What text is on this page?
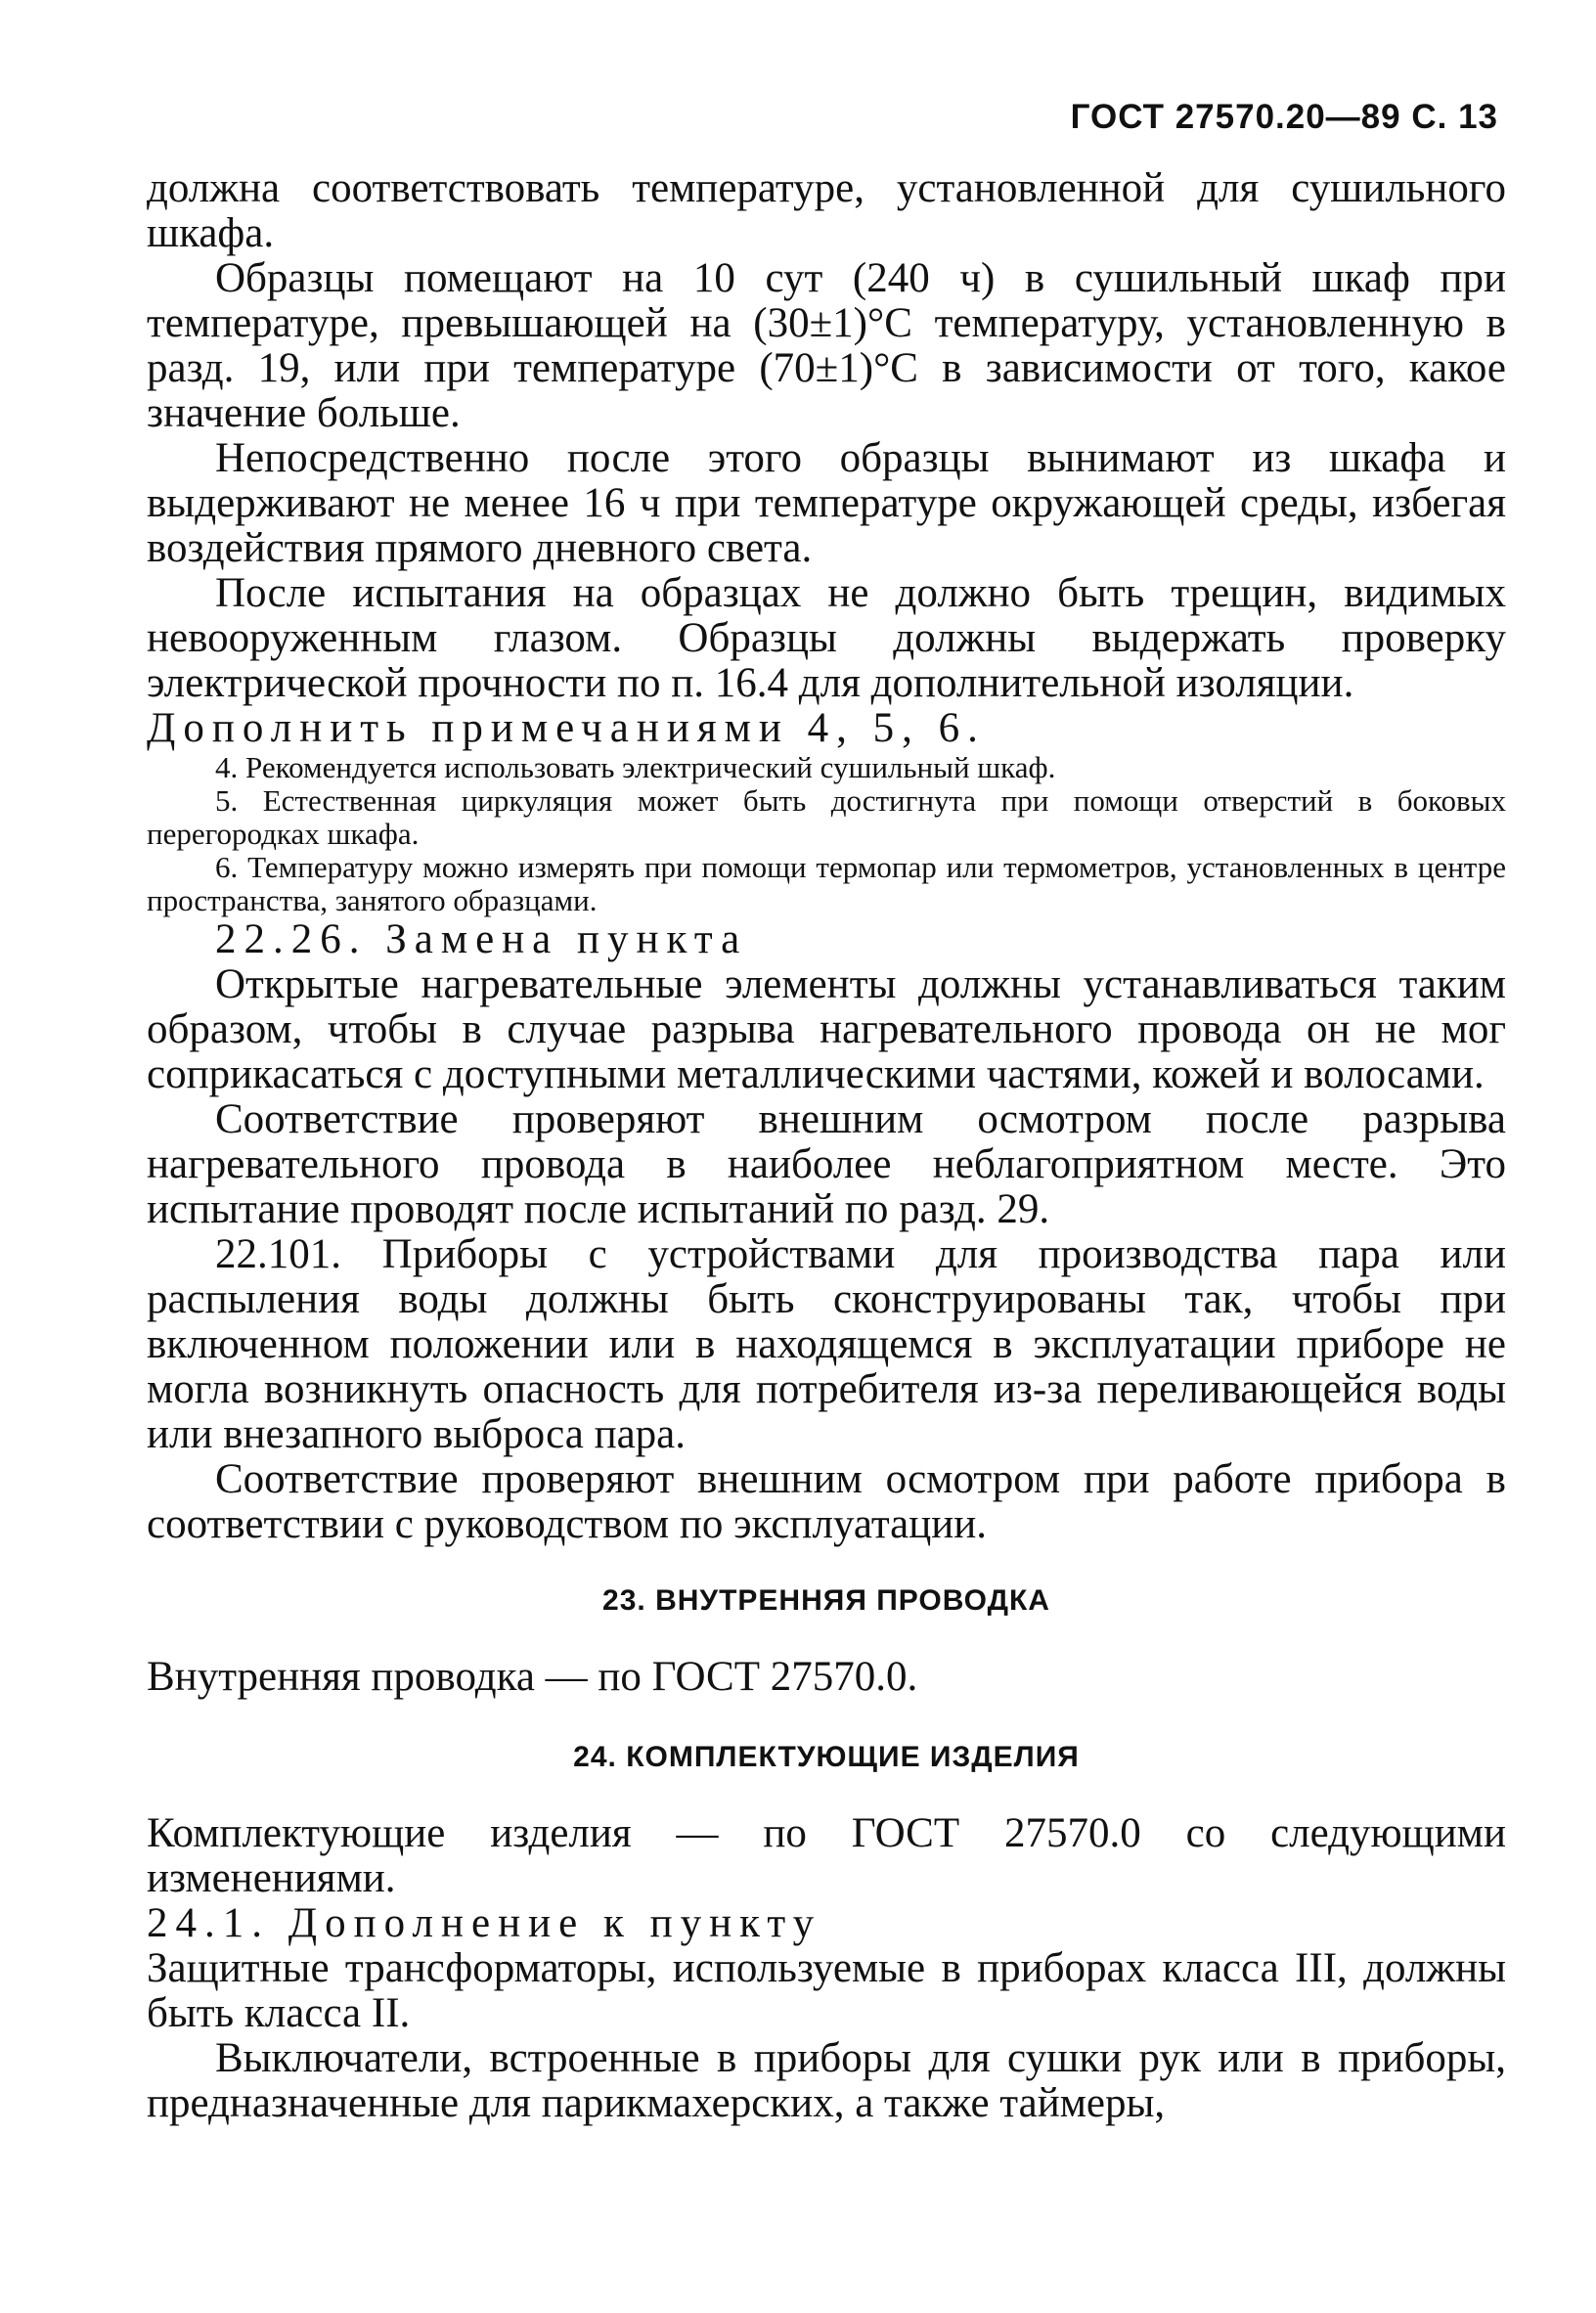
ГОСТ 27570.20—89 С. 13

должна соответствовать температуре, установленной для сушильного шкафа.

Образцы помещают на 10 сут (240 ч) в сушильный шкаф при температуре, превышающей на (30±1)°С температуру, установленную в разд. 19, или при температуре (70±1)°С в зависимости от того, какое значение больше.

Непосредственно после этого образцы вынимают из шкафа и выдерживают не менее 16 ч при температуре окружающей среды, избегая воздействия прямого дневного света.

После испытания на образцах не должно быть трещин, видимых невооруженным глазом. Образцы должны выдержать проверку электрической прочности по п. 16.4 для дополнительной изоляции.

Дополнить примечаниями 4, 5, 6.

4. Рекомендуется использовать электрический сушильный шкаф.

5. Естественная циркуляция может быть достигнута при помощи отверстий в боковых перегородках шкафа.

6. Температуру можно измерять при помощи термопар или термометров, установленных в центре пространства, занятого образцами.

22.26. Замена пункта

Открытые нагревательные элементы должны устанавливаться таким образом, чтобы в случае разрыва нагревательного провода он не мог соприкасаться с доступными металлическими частями, кожей и волосами.

Соответствие проверяют внешним осмотром после разрыва нагревательного провода в наиболее неблагоприятном месте. Это испытание проводят после испытаний по разд. 29.

22.101. Приборы с устройствами для производства пара или распыления воды должны быть сконструированы так, чтобы при включенном положении или в находящемся в эксплуатации приборе не могла возникнуть опасность для потребителя из-за переливающейся воды или внезапного выброса пара.

Соответствие проверяют внешним осмотром при работе прибора в соответствии с руководством по эксплуатации.

23. ВНУТРЕННЯЯ ПРОВОДКА

Внутренняя проводка — по ГОСТ 27570.0.

24. КОМПЛЕКТУЮЩИЕ ИЗДЕЛИЯ

Комплектующие изделия — по ГОСТ 27570.0 со следующими изменениями.

24.1. Дополнение к пункту

Защитные трансформаторы, используемые в приборах класса III, должны быть класса II.

Выключатели, встроенные в приборы для сушки рук или в приборы, предназначенные для парикмахерских, а также таймеры,
